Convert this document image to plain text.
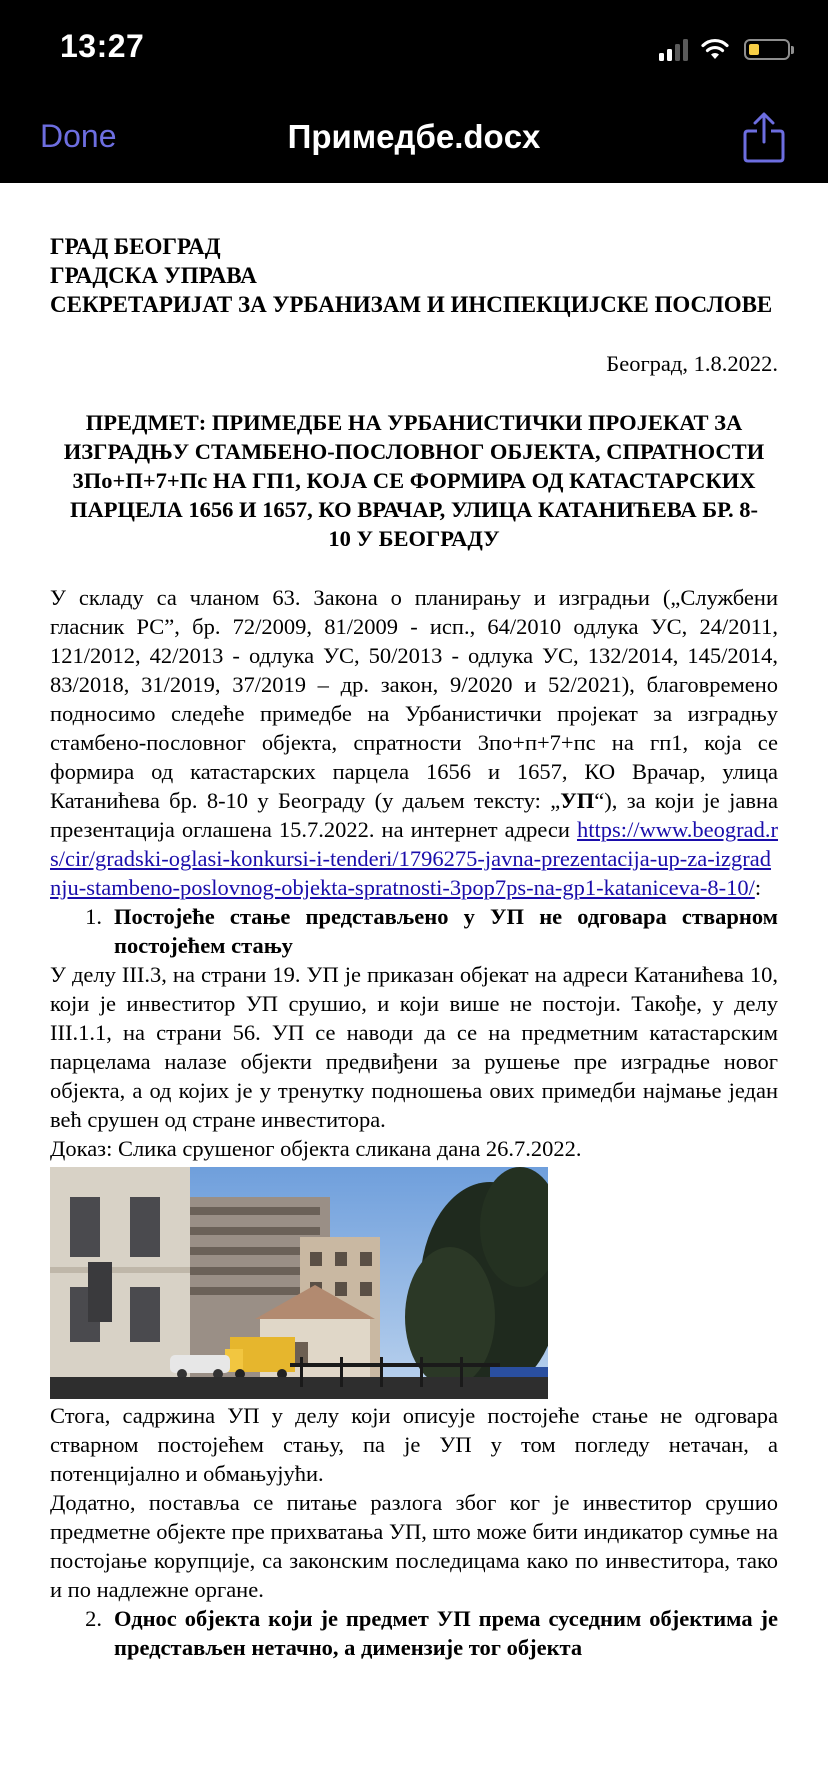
13:27
Done	Примедбе.docx
ГРАД БЕОГРАД
ГРАДСКА УПРАВА
СЕКРЕТАРИЈАТ ЗА УРБАНИЗАМ И ИНСПЕКЦИЈСКЕ ПОСЛОВЕ
Београд, 1.8.2022.
ПРЕДМЕТ: ПРИМЕДБЕ НА УРБАНИСТИЧКИ ПРОЈЕКАТ ЗА ИЗГРАДЊУ СТАМБЕНО-ПОСЛОВНОГ ОБЈЕКТА, СПРАТНОСТИ 3По+П+7+Пс НА ГП1, КОЈА СЕ ФОРМИРА ОД КАТАСТАРСКИХ ПАРЦЕЛА 1656 И 1657, КО ВРАЧАР, УЛИЦА КАТАНИЋЕВА БР. 8-10 У БЕОГРАДУ
У складу са чланом 63. Закона о планирању и изградњи („Службени гласник РС”, бр. 72/2009, 81/2009 - исп., 64/2010 одлука УС, 24/2011, 121/2012, 42/2013 - одлука УС, 50/2013 - одлука УС, 132/2014, 145/2014, 83/2018, 31/2019, 37/2019 – др. закон, 9/2020 и 52/2021), благовремено подносимо следеће примедбе на Урбанистички пројекат за изградњу стамбено-пословног објекта, спратности 3по+п+7+пс на гп1, која се формира од катастарских парцела 1656 и 1657, КО Врачар, улица Катанићева бр. 8-10 у Београду (у даљем тексту: „УП“), за који је јавна презентација оглашена 15.7.2022. на интернет адреси https://www.beograd.rs/cir/gradski-oglasi-konkursi-i-tenderi/1796275-javna-prezentacija-up-za-izgradnju-stambeno-poslovnog-objekta-spratnosti-3pop7ps-na-gp1-kataniceva-8-10/:
1. Постојеће стање представљено у УП не одговара стварном постојећем стању
У делу III.3, на страни 19. УП је приказан објекат на адреси Катанићева 10, који је инвеститор УП срушио, и који више не постоји. Такође, у делу III.1.1, на страни 56. УП се наводи да се на предметним катастарским парцелама налазе објекти предвиђени за рушење пре изградње новог објекта, а од којих је у тренутку подношења ових примедби најмање један већ срушен од стране инвеститора.
Доказ: Слика срушеног објекта сликана дана 26.7.2022.
Стога, садржина УП у делу који описује постојеће стање не одговара стварном постојећем стању, па је УП у том погледу нетачан, а потенцијално и обмањујући.
Додатно, поставља се питање разлога због ког је инвеститор срушио предметне објекте пре прихватања УП, што може бити индикатор сумње на постојање корупције, са законским последицама како по инвеститора, тако и по надлежне органе.
2. Однос објекта који је предмет УП према суседним објектима је представљен нетачно, а димензије тог објекта
